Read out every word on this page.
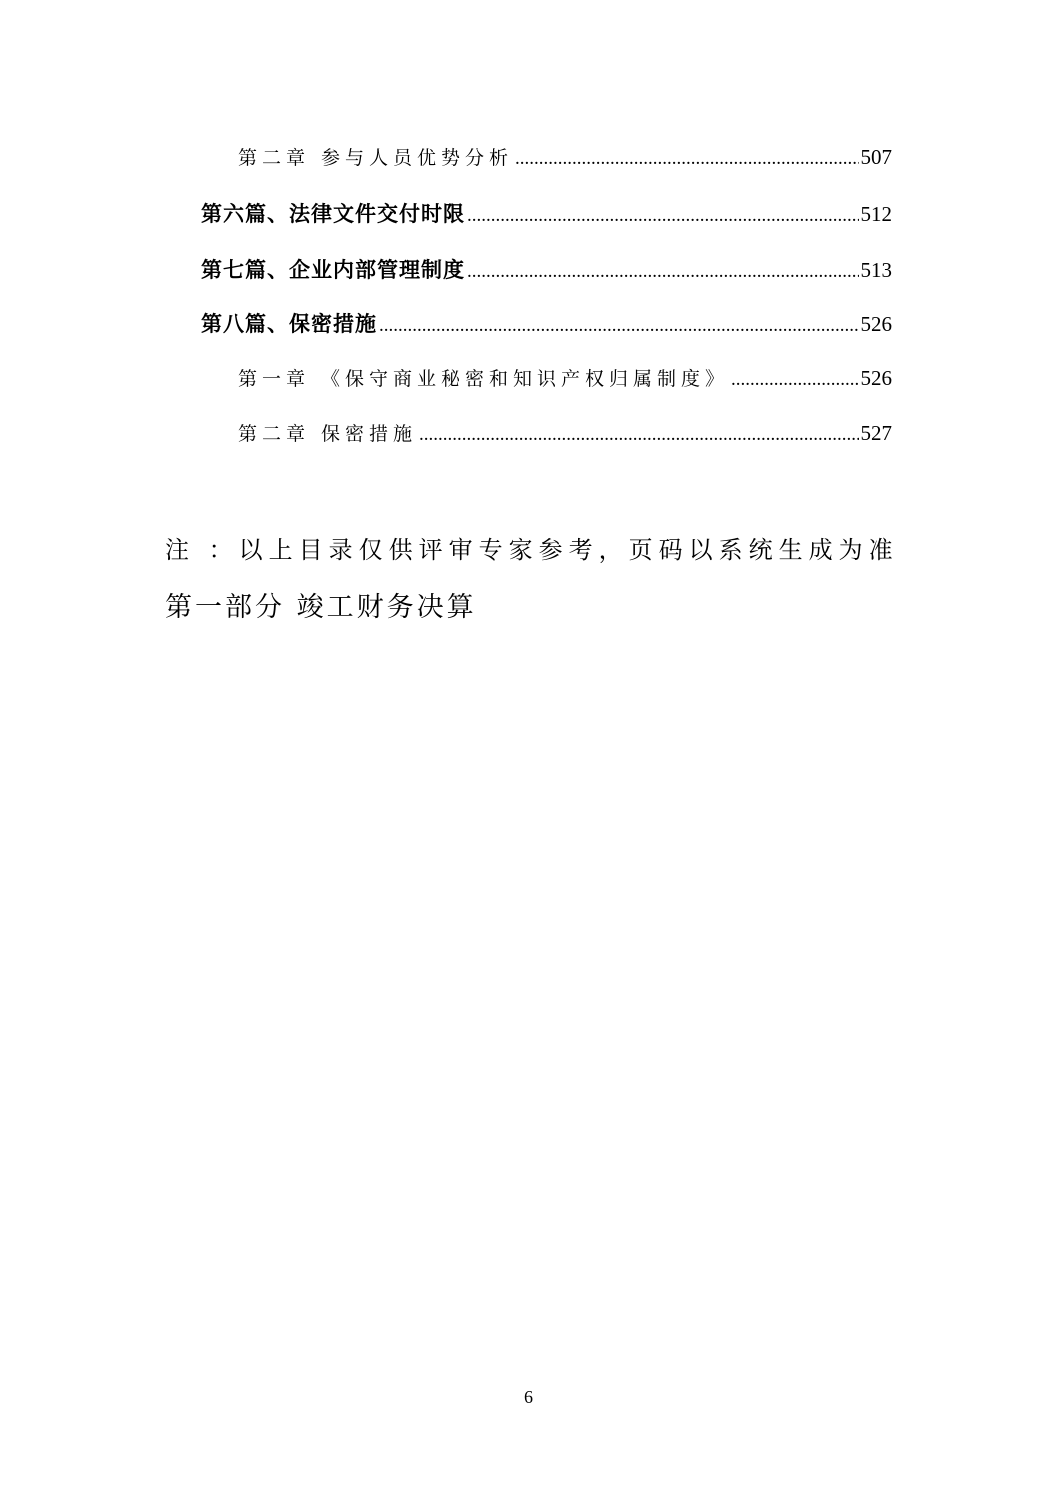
第二章 参与人员优势分析 .....	507
第六篇、法律文件交付时限 .....	512
第七篇、企业内部管理制度 .....	513
第八篇、保密措施 .....	526
第一章 《保守商业秘密和知识产权归属制度》 .....	526
第二章 保密措施 .....	527
注 ：以上目录仅供评审专家参考，页码以系统生成为准
第一部分 竣工财务决算
6
